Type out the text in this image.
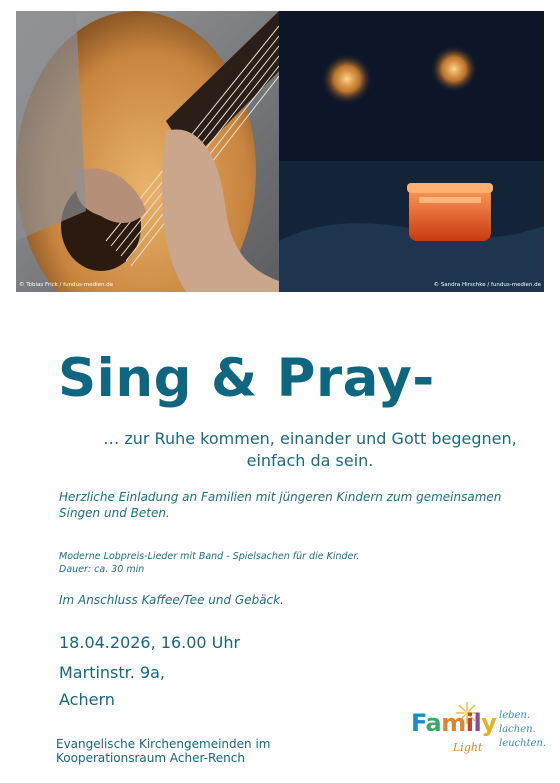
© Tobias Frick / fundus-medien.de	© Sandra Hirschke / fundus-medien.de
Sing & Pray-
… zur Ruhe kommen, einander und Gott begegnen,
einfach da sein.
Herzliche Einladung an Familien mit jüngeren Kindern zum gemeinsamen
Singen und Beten.
Moderne Lobpreis-Lieder mit Band - Spielsachen für die Kinder.
Dauer: ca. 30 min
Im Anschluss Kaffee/Tee und Gebäck.
18.04.2026, 16.00 Uhr
Martinstr. 9a,
Achern
Evangelische Kirchengemeinden im
Kooperationsraum Acher-Rench
Family
Light
leben.
lachen.
leuchten.
